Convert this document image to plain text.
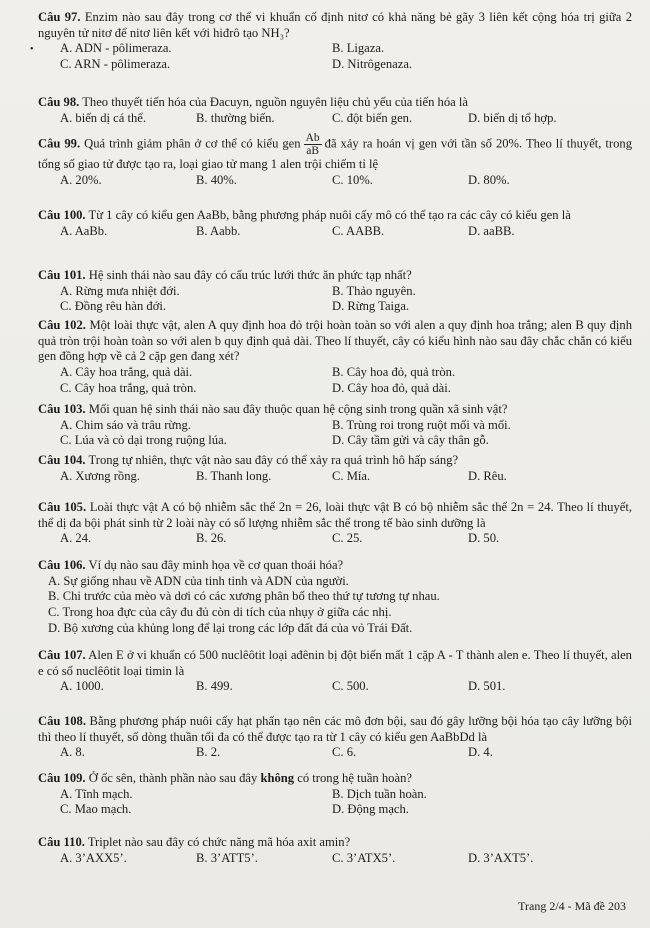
•
Câu 97. Enzim nào sau đây trong cơ thể vi khuẩn cố định nitơ có khả năng bẻ gãy 3 liên kết cộng hóa trị giữa 2 nguyên tử nitơ để nitơ liên kết với hiđrô tạo NH₃?
A. ADN - pôlimeraza.	B. Ligaza.
C. ARN - pôlimeraza.	D. Nitrôgenaza.
Câu 98. Theo thuyết tiến hóa của Đacuyn, nguồn nguyên liệu chủ yếu của tiến hóa là
A. biến dị cá thể.	B. thường biến.	C. đột biến gen.	D. biến dị tổ hợp.
Câu 99. Quá trình giảm phân ở cơ thể có kiểu gen $\frac{Ab}{aB}$ đã xảy ra hoán vị gen với tần số 20%. Theo lí thuyết, trong tổng số giao tử được tạo ra, loại giao tử mang 1 alen trội chiếm tỉ lệ
A. 20%.	B. 40%.	C. 10%.	D. 80%.
Câu 100. Từ 1 cây có kiểu gen AaBb, bằng phương pháp nuôi cấy mô có thể tạo ra các cây có kiểu gen là
A. AaBb.	B. Aabb.	C. AABB.	D. aaBB.
Câu 101. Hệ sinh thái nào sau đây có cấu trúc lưới thức ăn phức tạp nhất?
A. Rừng mưa nhiệt đới.	B. Thảo nguyên.
C. Đồng rêu hàn đới.	D. Rừng Taiga.
Câu 102. Một loài thực vật, alen A quy định hoa đỏ trội hoàn toàn so với alen a quy định hoa trắng; alen B quy định quả tròn trội hoàn toàn so với alen b quy định quả dài. Theo lí thuyết, cây có kiểu hình nào sau đây chắc chắn có kiểu gen đồng hợp về cả 2 cặp gen đang xét?
A. Cây hoa trắng, quả dài.	B. Cây hoa đỏ, quả tròn.
C. Cây hoa trắng, quả tròn.	D. Cây hoa đỏ, quả dài.
Câu 103. Mối quan hệ sinh thái nào sau đây thuộc quan hệ cộng sinh trong quần xã sinh vật?
A. Chim sáo và trâu rừng.	B. Trùng roi trong ruột mối và mối.
C. Lúa và cỏ dại trong ruộng lúa.	D. Cây tầm gửi và cây thân gỗ.
Câu 104. Trong tự nhiên, thực vật nào sau đây có thể xảy ra quá trình hô hấp sáng?
A. Xương rồng.	B. Thanh long.	C. Mía.	D. Rêu.
Câu 105. Loài thực vật A có bộ nhiễm sắc thể 2n = 26, loài thực vật B có bộ nhiễm sắc thể 2n = 24. Theo lí thuyết, thể dị đa bội phát sinh từ 2 loài này có số lượng nhiễm sắc thể trong tế bào sinh dưỡng là
A. 24.	B. 26.	C. 25.	D. 50.
Câu 106. Ví dụ nào sau đây minh họa về cơ quan thoái hóa?
A. Sự giống nhau về ADN của tinh tinh và ADN của người.
B. Chi trước của mèo và dơi có các xương phân bố theo thứ tự tương tự nhau.
C. Trong hoa đực của cây đu đủ còn di tích của nhụy ở giữa các nhị.
D. Bộ xương của khủng long để lại trong các lớp đất đá của vỏ Trái Đất.
Câu 107. Alen E ở vi khuẩn có 500 nuclêôtit loại ađênin bị đột biến mất 1 cặp A - T thành alen e. Theo lí thuyết, alen e có số nuclêôtit loại timin là
A. 1000.	B. 499.	C. 500.	D. 501.
Câu 108. Bằng phương pháp nuôi cấy hạt phấn tạo nên các mô đơn bội, sau đó gây lưỡng bội hóa tạo cây lưỡng bội thì theo lí thuyết, số dòng thuần tối đa có thể được tạo ra từ 1 cây có kiểu gen AaBbDd là
A. 8.	B. 2.	C. 6.	D. 4.
Câu 109. Ở ốc sên, thành phần nào sau đây không có trong hệ tuần hoàn?
A. Tĩnh mạch.	B. Dịch tuần hoàn.
C. Mao mạch.	D. Động mạch.
Câu 110. Triplet nào sau đây có chức năng mã hóa axit amin?
A. 3’AXX5’.	B. 3’ATT5’.	C. 3’ATX5’.	D. 3’AXT5’.
Trang 2/4 - Mã đề 203
